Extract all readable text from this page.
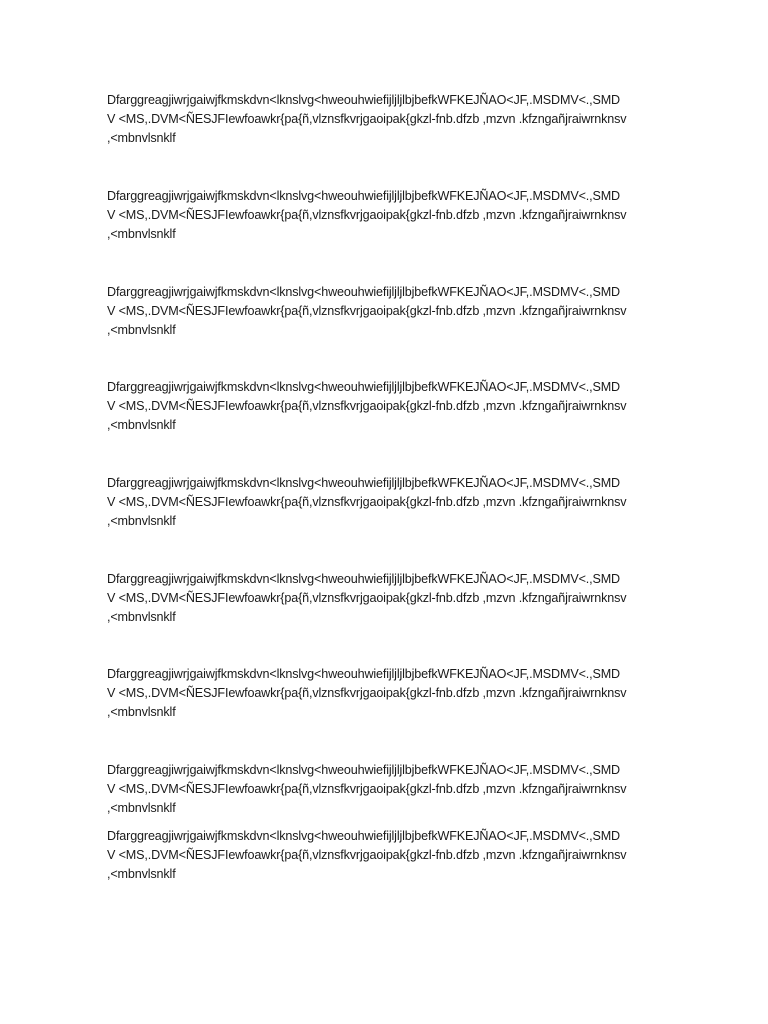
Dfarggreagjiwrjgaiwjfkmskdvn<lknslvg<hweouhwiefijljljlbjbefkWFKEJÑAO<JF,.MSDMV<.,SMD
V <MS,.DVM<ÑESJFIewfoawkr{pa{ñ,vlznsfkvrjgaoipak{gkzl-fnb.dfzb ,mzvn .kfzngañjraiwrnknsv
,<mbnvlsnklf

Dfarggreagjiwrjgaiwjfkmskdvn<lknslvg<hweouhwiefijljljlbjbefkWFKEJÑAO<JF,.MSDMV<.,SMD
V <MS,.DVM<ÑESJFIewfoawkr{pa{ñ,vlznsfkvrjgaoipak{gkzl-fnb.dfzb ,mzvn .kfzngañjraiwrnknsv
,<mbnvlsnklf

Dfarggreagjiwrjgaiwjfkmskdvn<lknslvg<hweouhwiefijljljlbjbefkWFKEJÑAO<JF,.MSDMV<.,SMD
V <MS,.DVM<ÑESJFIewfoawkr{pa{ñ,vlznsfkvrjgaoipak{gkzl-fnb.dfzb ,mzvn .kfzngañjraiwrnknsv
,<mbnvlsnklf

Dfarggreagjiwrjgaiwjfkmskdvn<lknslvg<hweouhwiefijljljlbjbefkWFKEJÑAO<JF,.MSDMV<.,SMD
V <MS,.DVM<ÑESJFIewfoawkr{pa{ñ,vlznsfkvrjgaoipak{gkzl-fnb.dfzb ,mzvn .kfzngañjraiwrnknsv
,<mbnvlsnklf

Dfarggreagjiwrjgaiwjfkmskdvn<lknslvg<hweouhwiefijljljlbjbefkWFKEJÑAO<JF,.MSDMV<.,SMD
V <MS,.DVM<ÑESJFIewfoawkr{pa{ñ,vlznsfkvrjgaoipak{gkzl-fnb.dfzb ,mzvn .kfzngañjraiwrnknsv
,<mbnvlsnklf

Dfarggreagjiwrjgaiwjfkmskdvn<lknslvg<hweouhwiefijljljlbjbefkWFKEJÑAO<JF,.MSDMV<.,SMD
V <MS,.DVM<ÑESJFIewfoawkr{pa{ñ,vlznsfkvrjgaoipak{gkzl-fnb.dfzb ,mzvn .kfzngañjraiwrnknsv
,<mbnvlsnklf

Dfarggreagjiwrjgaiwjfkmskdvn<lknslvg<hweouhwiefijljljlbjbefkWFKEJÑAO<JF,.MSDMV<.,SMD
V <MS,.DVM<ÑESJFIewfoawkr{pa{ñ,vlznsfkvrjgaoipak{gkzl-fnb.dfzb ,mzvn .kfzngañjraiwrnknsv
,<mbnvlsnklf

Dfarggreagjiwrjgaiwjfkmskdvn<lknslvg<hweouhwiefijljljlbjbefkWFKEJÑAO<JF,.MSDMV<.,SMD
V <MS,.DVM<ÑESJFIewfoawkr{pa{ñ,vlznsfkvrjgaoipak{gkzl-fnb.dfzb ,mzvn .kfzngañjraiwrnknsv
,<mbnvlsnklf

Dfarggreagjiwrjgaiwjfkmskdvn<lknslvg<hweouhwiefijljljlbjbefkWFKEJÑAO<JF,.MSDMV<.,SMD
V <MS,.DVM<ÑESJFIewfoawkr{pa{ñ,vlznsfkvrjgaoipak{gkzl-fnb.dfzb ,mzvn .kfzngañjraiwrnknsv
,<mbnvlsnklf
